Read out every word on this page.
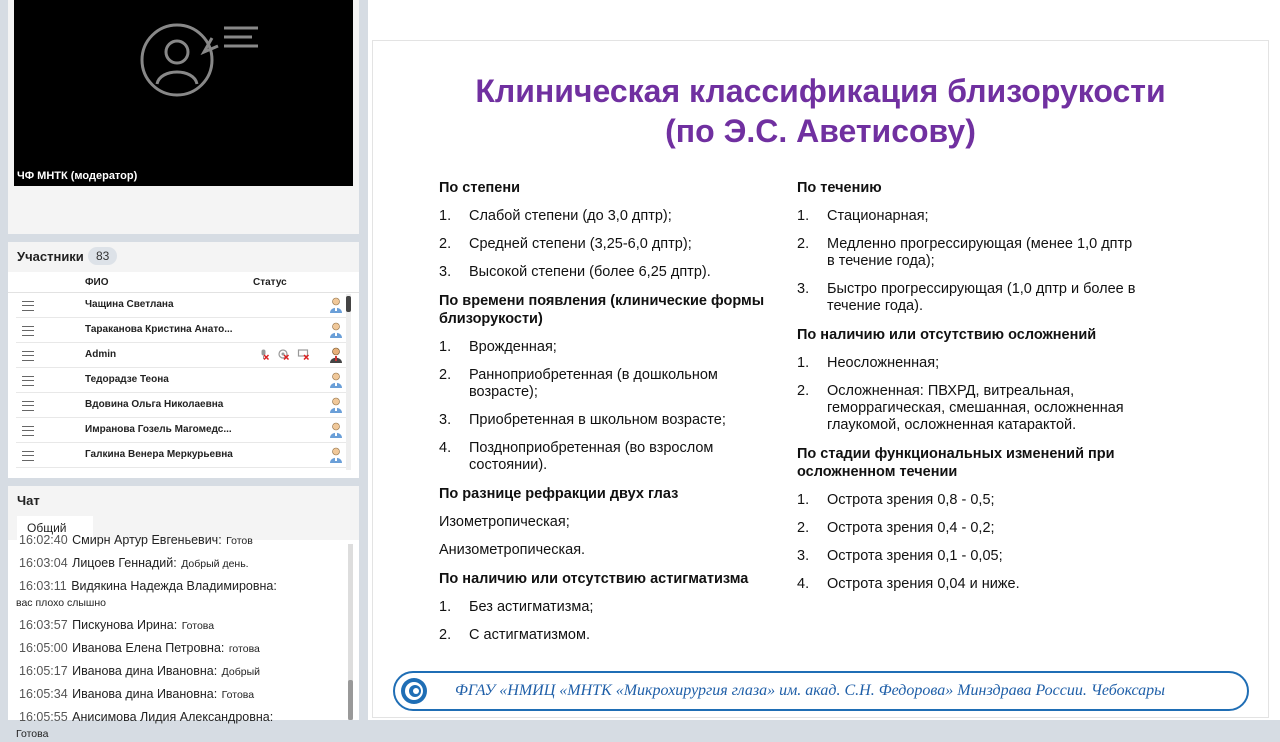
ЧФ МНТК (модератор)
Участники	83
ФИО	Статус
Чащина Светлана
Тараканова Кристина Анато...
Admin
Тедорадзе Теона
Вдовина Ольга Николаевна
Имранова Гозель Магомедс...
Галкина Венера Меркурьевна
Чат
Общий
16:02:40 Смирн Артур Евгеньевич: Готов
16:03:04 Лицоев Геннадий: Добрый день.
16:03:11 Видякина Надежда Владимировна:
вас плохо слышно
16:03:57 Пискунова Ирина: Готова
16:05:00 Иванова Елена Петровна: готова
16:05:17 Иванова дина Ивановна: Добрый
16:05:34 Иванова дина Ивановна: Готова
16:05:55 Анисимова Лидия Александровна:
Готова
Клиническая классификация близорукости
(по Э.С. Аветисову)
По степени
1. Слабой степени (до 3,0 дптр);
2. Средней степени (3,25-6,0 дптр);
3. Высокой степени (более 6,25 дптр).
По времени появления (клинические формы близорукости)
1. Врожденная;
2. Ранноприобретенная (в дошкольном возрасте);
3. Приобретенная в школьном возрасте;
4. Поздноприобретенная (во взрослом состоянии).
По разнице рефракции двух глаз
Изометропическая;
Анизометропическая.
По наличию или отсутствию астигматизма
1. Без астигматизма;
2. С астигматизмом.
По течению
1. Стационарная;
2. Медленно прогрессирующая (менее 1,0 дптр в течение года);
3. Быстро прогрессирующая (1,0 дптр и более в течение года).
По наличию или отсутствию осложнений
1. Неосложненная;
2. Осложненная: ПВХРД, витреальная, геморрагическая, смешанная, осложненная глаукомой, осложненная катарактой.
По стадии функциональных изменений при осложненном течении
1. Острота зрения 0,8 - 0,5;
2. Острота зрения 0,4 - 0,2;
3. Острота зрения 0,1 - 0,05;
4. Острота зрения 0,04 и ниже.
ФГАУ «НМИЦ «МНТК «Микрохирургия глаза» им. акад. С.Н. Федорова» Минздрава России. Чебоксары
